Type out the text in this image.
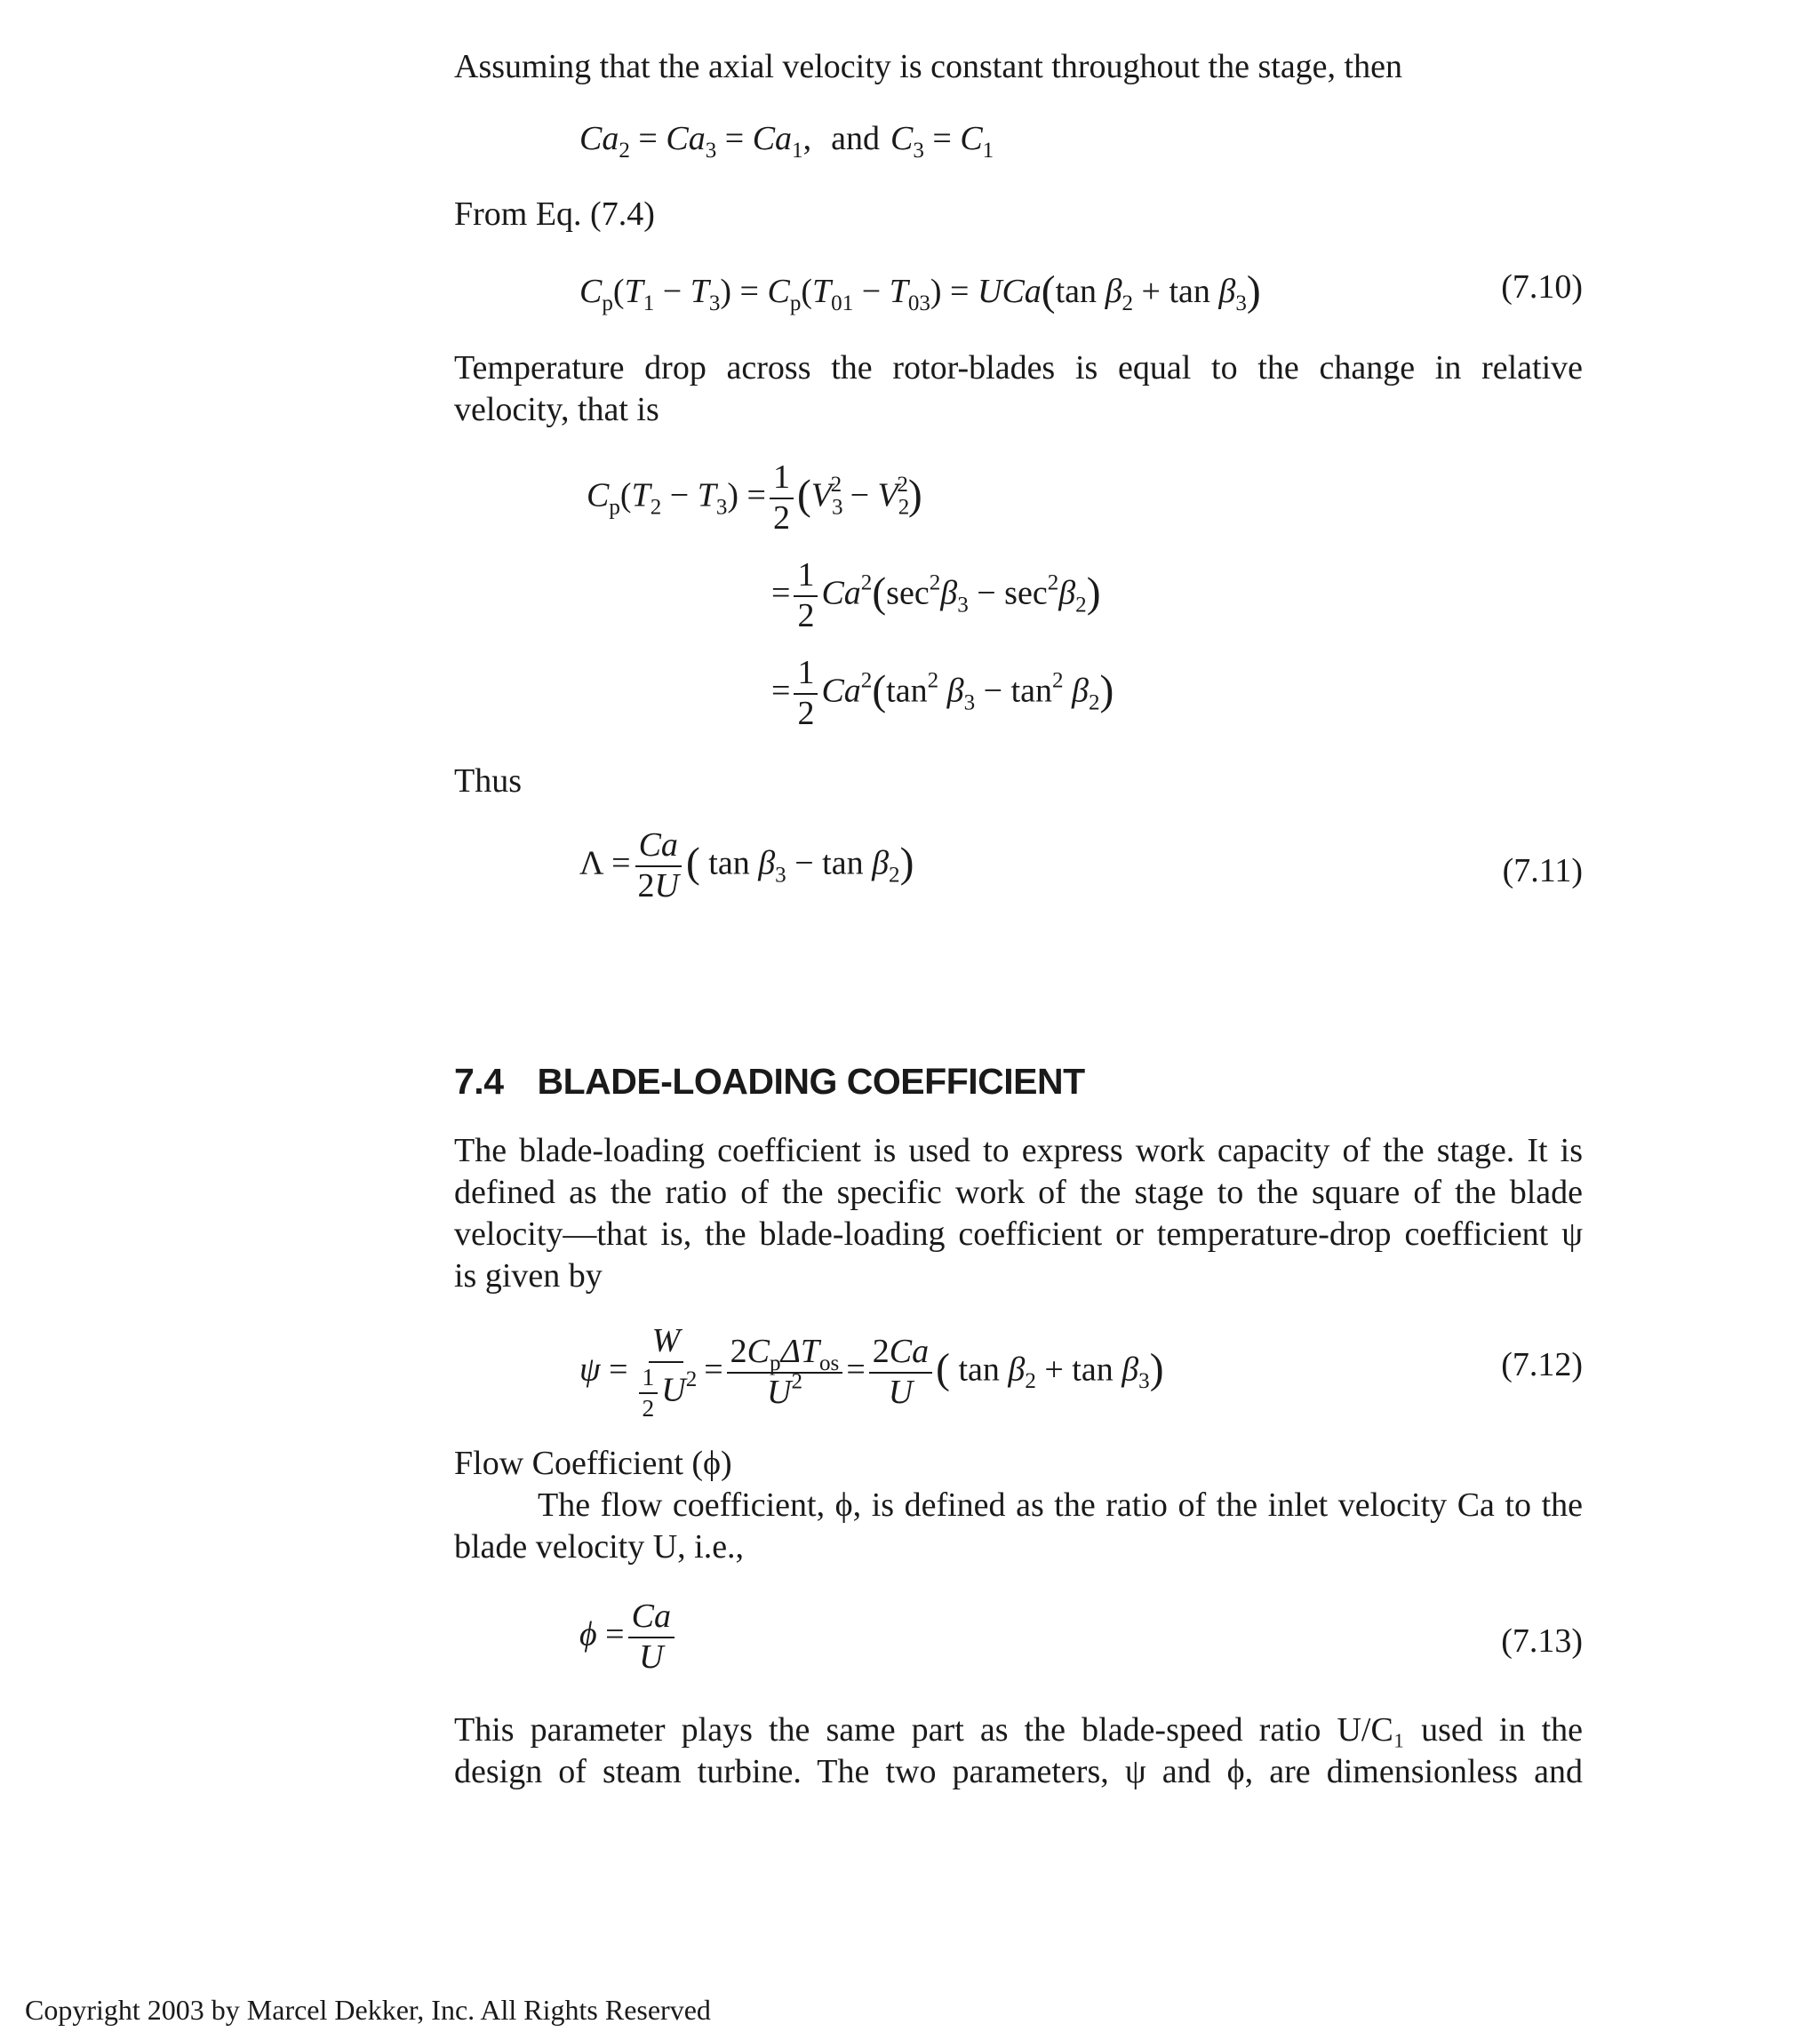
Assuming that the axial velocity is constant throughout the stage, then
$Ca_2 = Ca_3 = Ca_1$, and $C_3 = C_1$
From Eq. (7.4)
$C_p(T_1 - T_3) = C_p(T_{01} - T_{03}) = UCa(\tan$ $\beta_2 + \tan \beta_3$)	(7.10)
Temperature drop across the rotor-blades is equal to the change in relative
velocity, that is
$C_p(T_2 - T_3) = \frac{1}{2} (V_3^2 - V_2^2)$
= $\frac{1}{2} Ca^2(\sec^2\beta_3 - \sec^2\beta_2)$
= $\frac{1}{2} Ca^2(\tan^2$ $\beta_3 - \tan^2 \beta_2$)
Thus
$\Lambda = \frac{Ca}{2U}$ ( $\tan \beta_3 - \tan \beta_2$)	(7.11)
7.4 BLADE-LOADING COEFFICIENT
The blade-loading coefficient is used to express work capacity of the stage. It is
defined as the ratio of the specific work of the stage to the square of the blade
velocity—that is, the blade-loading coefficient or temperature-drop coefficient ψ
is given by
$\psi = \frac{W}{\frac{1}{2} U^2} = \frac{2C_p\Delta T_{os}}{U^2} = \frac{2Ca}{U}$ ( $\tan \beta_2 + \tan \beta_3$)	(7.12)
Flow Coefficient (ϕ)
The flow coefficient, ϕ, is defined as the ratio of the inlet velocity Ca to the
blade velocity U, i.e.,
$\phi = \frac{Ca}{U}$	(7.13)
This parameter plays the same part as the blade-speed ratio U/C₁ used in the
design of steam turbine. The two parameters, ψ and ϕ, are dimensionless and
Copyright 2003 by Marcel Dekker, Inc. All Rights Reserved
